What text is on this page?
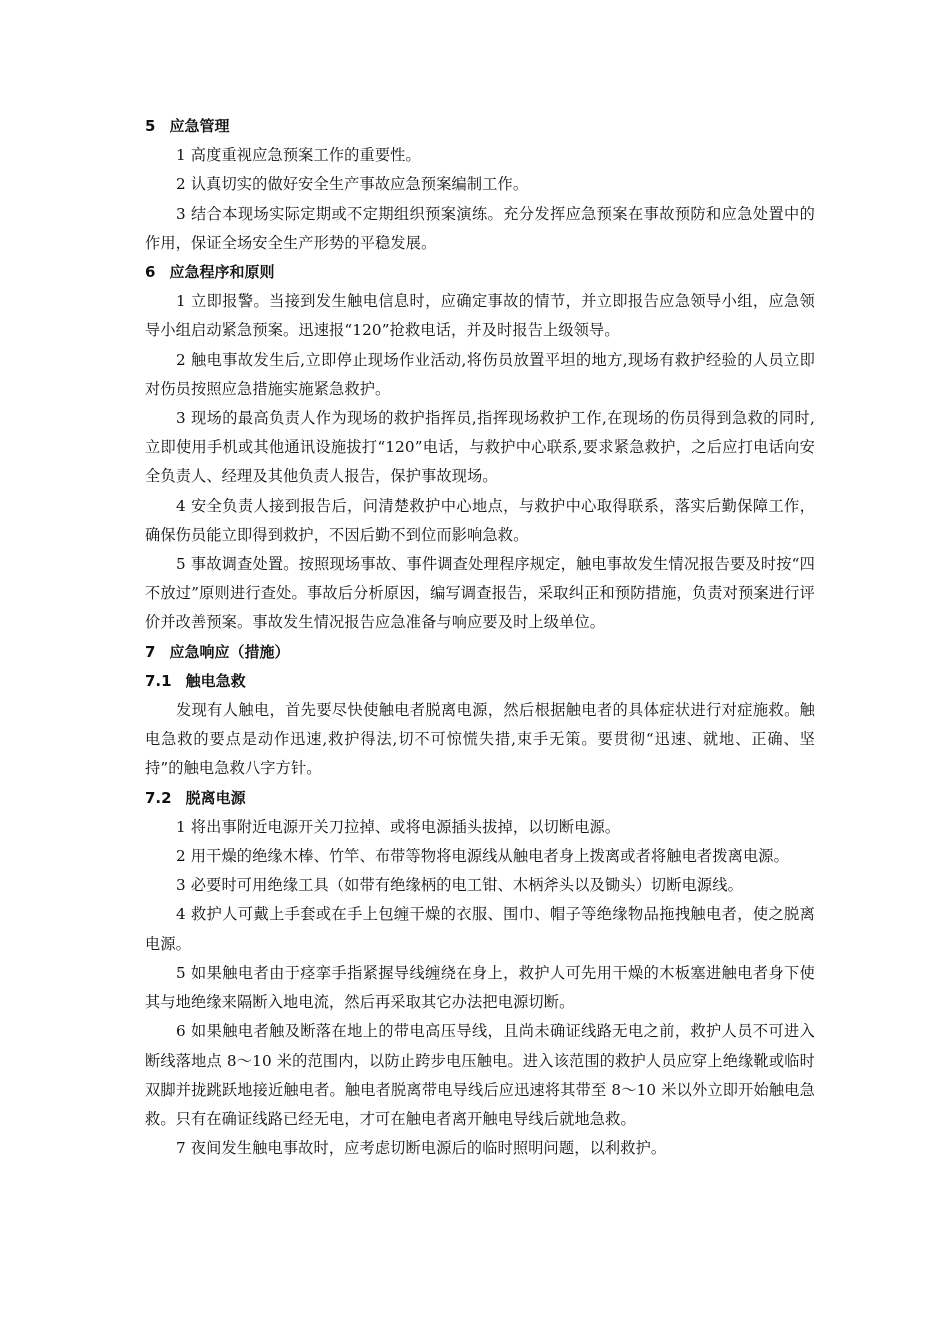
5 应急管理

1 高度重视应急预案工作的重要性。

2 认真切实的做好安全生产事故应急预案编制工作。

3 结合本现场实际定期或不定期组织预案演练。充分发挥应急预案在事故预防和应急处置中的作用，保证全场安全生产形势的平稳发展。

6 应急程序和原则

1 立即报警。当接到发生触电信息时，应确定事故的情节，并立即报告应急领导小组，应急领导小组启动紧急预案。迅速报“120”抢救电话，并及时报告上级领导。

2 触电事故发生后,立即停止现场作业活动,将伤员放置平坦的地方,现场有救护经验的人员立即对伤员按照应急措施实施紧急救护。

3 现场的最高负责人作为现场的救护指挥员,指挥现场救护工作,在现场的伤员得到急救的同时,立即使用手机或其他通讯设施拔打“120”电话，与救护中心联系,要求紧急救护，之后应打电话向安全负责人、经理及其他负责人报告，保护事故现场。

4 安全负责人接到报告后，问清楚救护中心地点，与救护中心取得联系，落实后勤保障工作，确保伤员能立即得到救护，不因后勤不到位而影响急救。

5 事故调查处置。按照现场事故、事件调查处理程序规定，触电事故发生情况报告要及时按“四不放过”原则进行查处。事故后分析原因，编写调查报告，采取纠正和预防措施，负责对预案进行评价并改善预案。事故发生情况报告应急准备与响应要及时上级单位。

7 应急响应（措施）
7.1 触电急救

发现有人触电，首先要尽快使触电者脱离电源，然后根据触电者的具体症状进行对症施救。触电急救的要点是动作迅速,救护得法,切不可惊慌失措,束手无策。要贯彻“迅速、就地、正确、坚持”的触电急救八字方针。

7.2 脱离电源

1 将出事附近电源开关刀拉掉、或将电源插头拔掉，以切断电源。

2 用干燥的绝缘木棒、竹竿、布带等物将电源线从触电者身上拨离或者将触电者拨离电源。

3 必要时可用绝缘工具（如带有绝缘柄的电工钳、木柄斧头以及锄头）切断电源线。

4 救护人可戴上手套或在手上包缠干燥的衣服、围巾、帽子等绝缘物品拖拽触电者，使之脱离电源。

5 如果触电者由于痉挛手指紧握导线缠绕在身上，救护人可先用干燥的木板塞进触电者身下使其与地绝缘来隔断入地电流，然后再采取其它办法把电源切断。

6 如果触电者触及断落在地上的带电高压导线，且尚未确证线路无电之前，救护人员不可进入断线落地点 8～10 米的范围内，以防止跨步电压触电。进入该范围的救护人员应穿上绝缘靴或临时双脚并拢跳跃地接近触电者。触电者脱离带电导线后应迅速将其带至 8～10 米以外立即开始触电急救。只有在确证线路已经无电，才可在触电者离开触电导线后就地急救。

7 夜间发生触电事故时，应考虑切断电源后的临时照明问题，以利救护。
